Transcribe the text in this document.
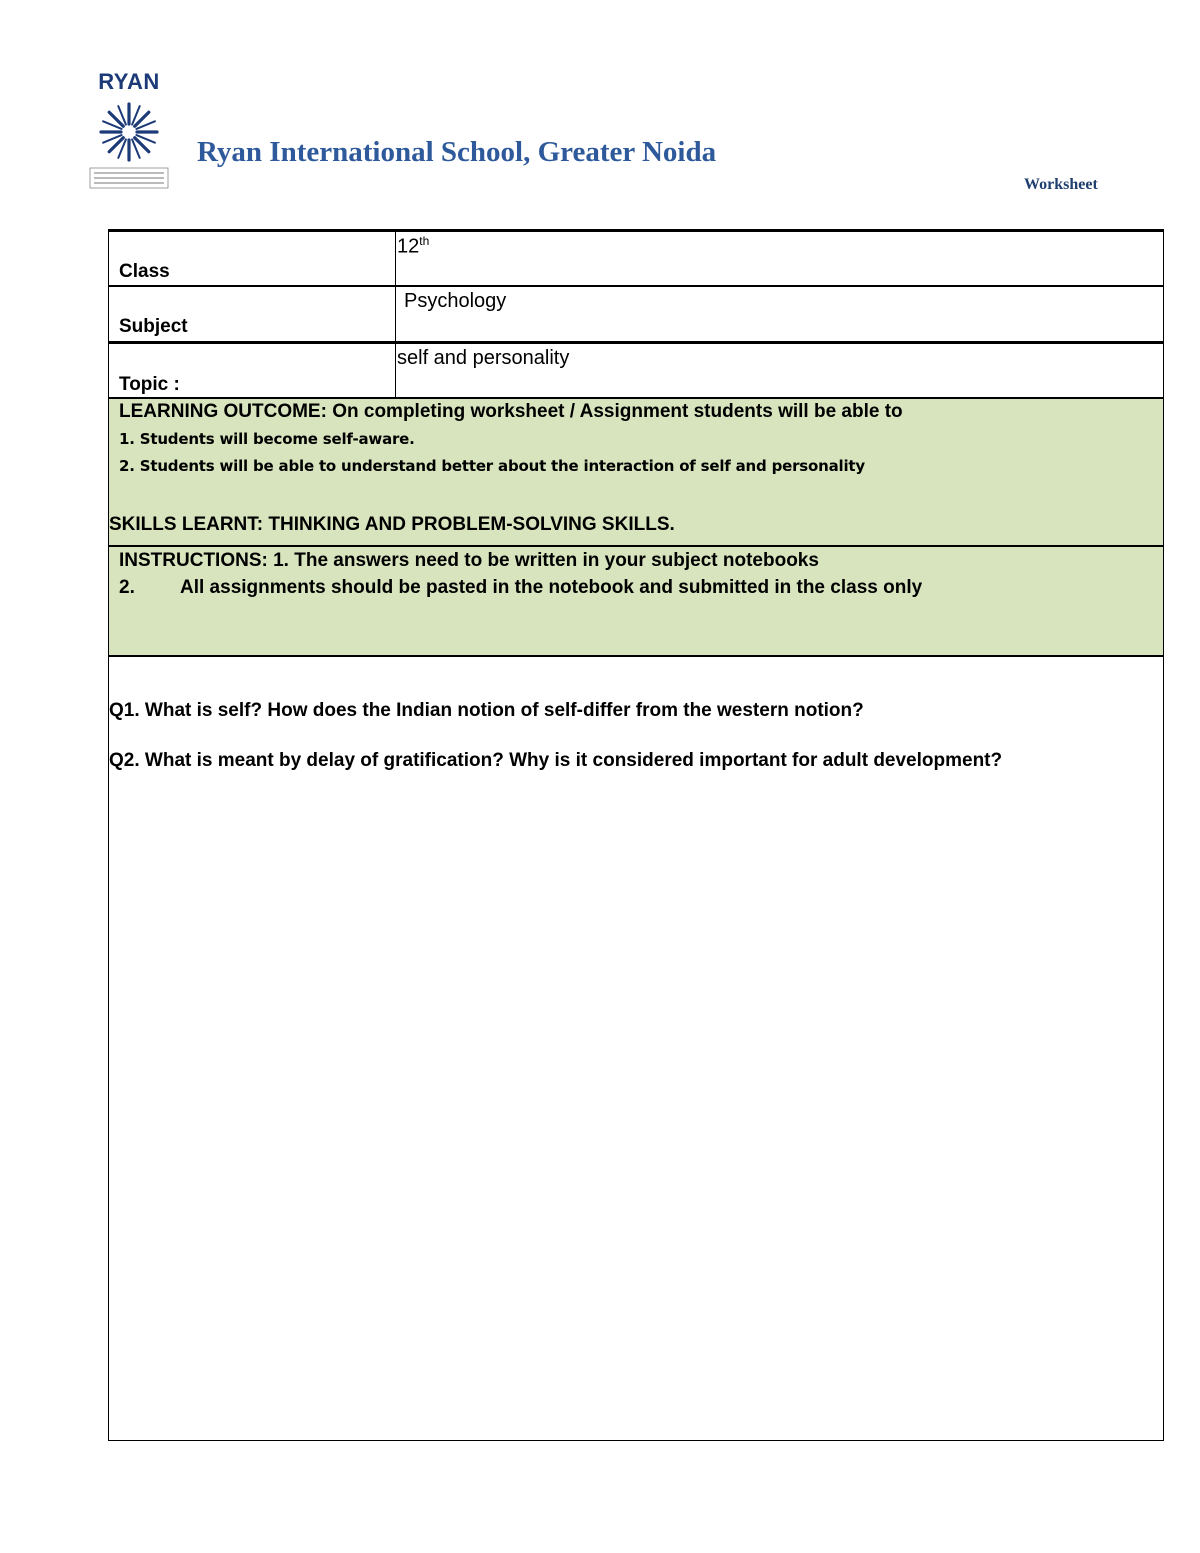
RYAN
Ryan International School, Greater Noida
Worksheet
Class
12th
Subject
Psychology
Topic :
self and personality
LEARNING OUTCOME: On completing worksheet / Assignment students will be able to
1. Students will become self-aware.
2. Students will be able to understand better about the interaction of self and personality
SKILLS LEARNT: THINKING AND PROBLEM-SOLVING SKILLS.
INSTRUCTIONS: 1. The answers need to be written in your subject notebooks
2. All assignments should be pasted in the notebook and submitted in the class only
Q1. What is self? How does the Indian notion of self-differ from the western notion?
Q2. What is meant by delay of gratification? Why is it considered important for adult development?
